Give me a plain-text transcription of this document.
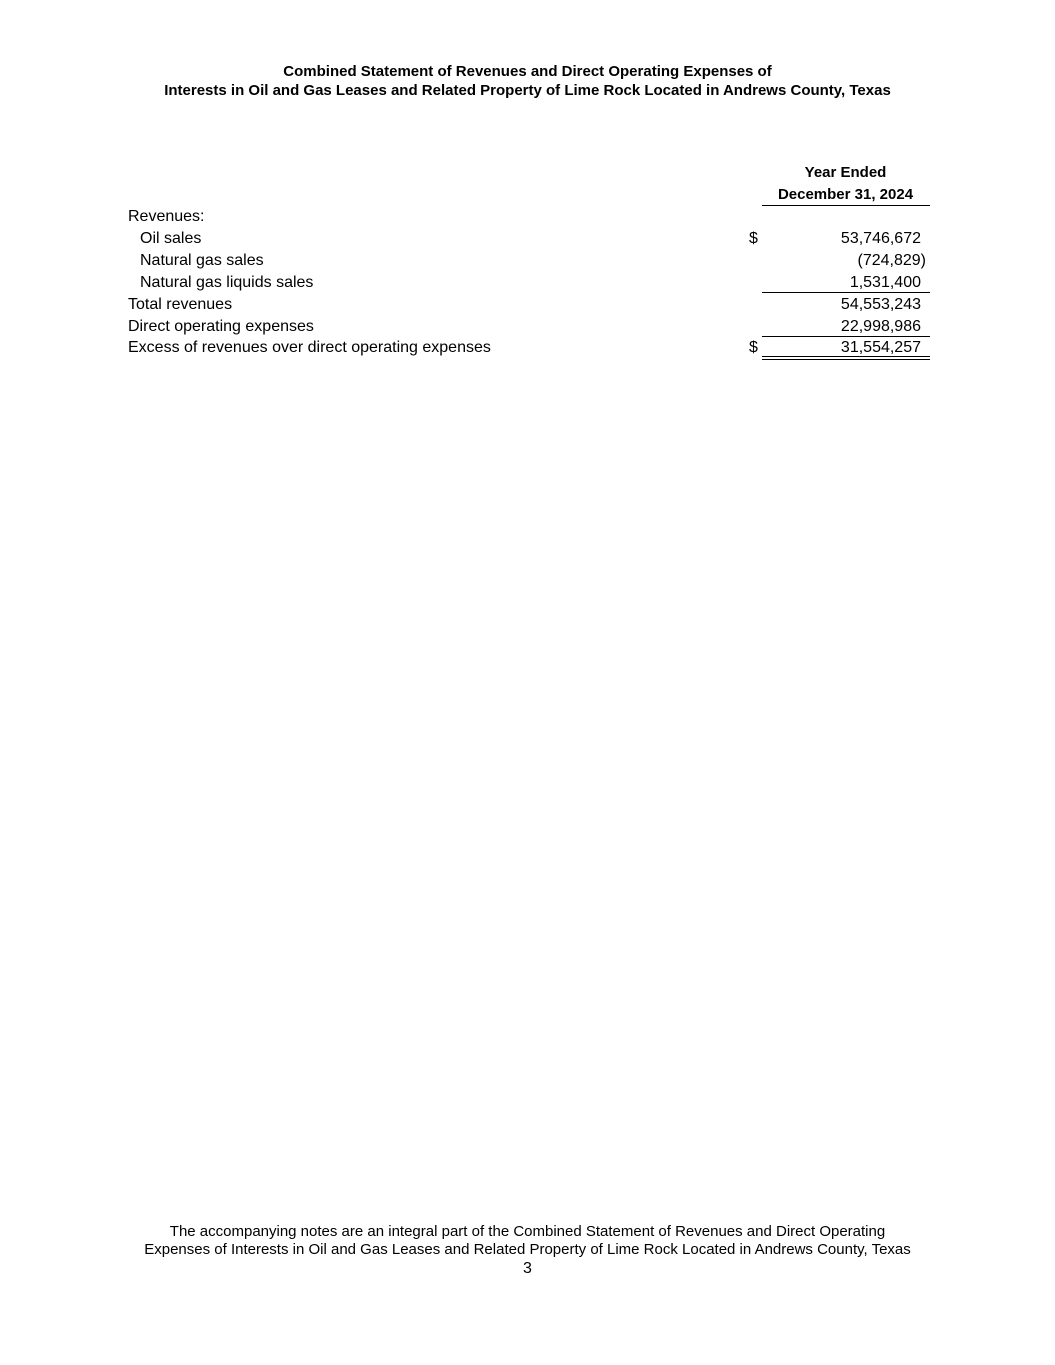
Combined Statement of Revenues and Direct Operating Expenses of
Interests in Oil and Gas Leases and Related Property of Lime Rock Located in Andrews County, Texas
Year Ended
December 31, 2024
Revenues:
Oil sales	$	53,746,672
Natural gas sales	(724,829)
Natural gas liquids sales	1,531,400
Total revenues	54,553,243
Direct operating expenses	22,998,986
Excess of revenues over direct operating expenses	$	31,554,257
The accompanying notes are an integral part of the Combined Statement of Revenues and Direct Operating
Expenses of Interests in Oil and Gas Leases and Related Property of Lime Rock Located in Andrews County, Texas
3
